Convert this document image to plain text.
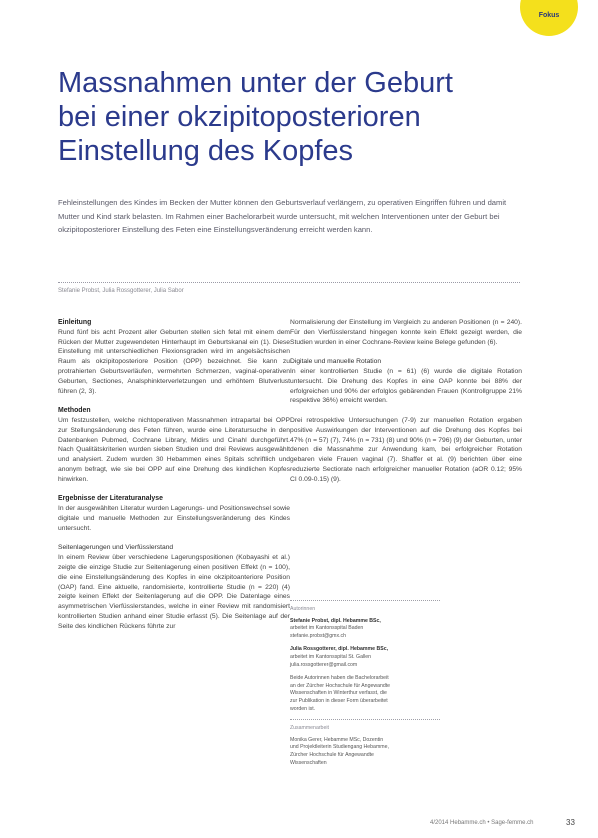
Fokus
Massnahmen unter der Geburt
bei einer okzipitoposterioren
Einstellung des Kopfes

Fehleinstellungen des Kindes im Becken der Mutter können den Geburtsverlauf verlängern, zu operativen Eingriffen führen und damit Mutter und Kind stark belasten. Im Rahmen einer Bachelorarbeit wurde untersucht, mit welchen Interventionen unter der Geburt bei okzipitoposteriorer Einstellung des Feten eine Einstellungsveränderung erreicht werden kann.

Stefanie Probst, Julia Rossgotterer, Julia Sabor
Einleitung

Rund fünf bis acht Prozent aller Geburten stellen sich fetal mit einem dem Rücken der Mutter zugewendeten Hinterhaupt im Geburtskanal ein (1). Diese Einstellung mit unterschiedlichen Flexionsgraden wird im angelsächsischen Raum als okzipitoposteriore Position (OPP) bezeichnet. Sie kann zu protrahierten Geburtsverläufen, vermehrten Schmerzen, vaginal-operativen Geburten, Sectiones, Analsphinkterverletzungen und erhöhtem Blutverlust führen (2, 3).

Methoden

Um festzustellen, welche nichtoperativen Massnahmen intrapartal bei OPP zur Stellungsänderung des Feten führen, wurde eine Literatursuche in den Datenbanken Pubmed, Cochrane Library, Midirs und Cinahl durchgeführt. Nach Qualitätskriterien wurden sieben Studien und drei Reviews ausgewählt und analysiert. Zudem wurden 30 Hebammen eines Spitals schriftlich und anonym befragt, wie sie bei OPP auf eine Drehung des kindlichen Kopfes hinwirken.

Ergebnisse der Literaturanalyse

In der ausgewählten Literatur wurden Lagerungs- und Positionswechsel sowie digitale und manuelle Methoden zur Einstellungsveränderung des Kindes untersucht.

Seitenlagerungen und Vierfüsslerstand

In einem Review über verschiedene Lagerungspositionen (Kobayashi et al.) zeigte die einzige Studie zur Seitenlagerung einen positiven Effekt (n = 100), die eine Einstellungsänderung des Kopfes in eine okzipitoanteriore Position (OAP) fand. Eine aktuelle, randomisierte, kontrollierte Studie (n = 220) (4) zeigte keinen Effekt der Seitenlagerung auf die OPP. Die Datenlage eines asymmetrischen Vierfüsslerstandes, welche in einer Review mit randomisiert kontrollierten Studien anhand einer Studie erfasst (5). Die Seitenlage auf der Seite des kindlichen Rückens führte zur

Normalisierung der Einstellung im Vergleich zu anderen Positionen (n = 240). Für den Vierfüsslerstand hingegen konnte kein Effekt gezeigt werden, die Studien wurden in einer Cochrane-Review keine Belege gefunden (6).

Digitale und manuelle Rotation

In einer kontrollierten Studie (n = 61) (6) wurde die digitale Rotation untersucht. Die Drehung des Kopfes in eine OAP konnte bei 88% der erfolgreichen und 90% der erfolglos gebärenden Frauen (Kontrollgruppe 21% respektive 36%) erreicht werden.

Drei retrospektive Untersuchungen (7-9) zur manuellen Rotation ergaben positive Auswirkungen der Interventionen auf die Drehung des Kopfes bei 47% (n = 57) (7), 74% (n = 731) (8) und 90% (n = 796) (9) der Geburten, unter denen die Massnahme zur Anwendung kam, bei erfolgreicher Rotation gebaren viele Frauen vaginal (7). Shaffer et al. (9) berichten über eine reduzierte Sectiorate nach erfolgreicher manueller Rotation (aOR 0.12; 95% CI 0.09-0.15) (9).

Autorinnen
Stefanie Probst, dipl. Hebamme BSc,
arbeitet im Kantonsspital Baden
stefanie.probst@gmx.ch
Julia Rossgotterer, dipl. Hebamme BSc,
arbeitet im Kantonsspital St. Gallen
julia.rossgotterer@gmail.com
Beide Autorinnen haben die Bachelorarbeit
an der Zürcher Hochschule für Angewandte
Wissenschaften in Winterthur verfasst, die
zur Publikation in dieser Form überarbeitet
worden ist.
Zusammenarbeit
Monika Gerer, Hebamme MSc, Dozentin
und Projektleiterin Studiengang Hebamme,
Zürcher Hochschule für Angewandte
Wissenschaften
4/2014 Hebamme.ch • Sage-femme.ch	33
